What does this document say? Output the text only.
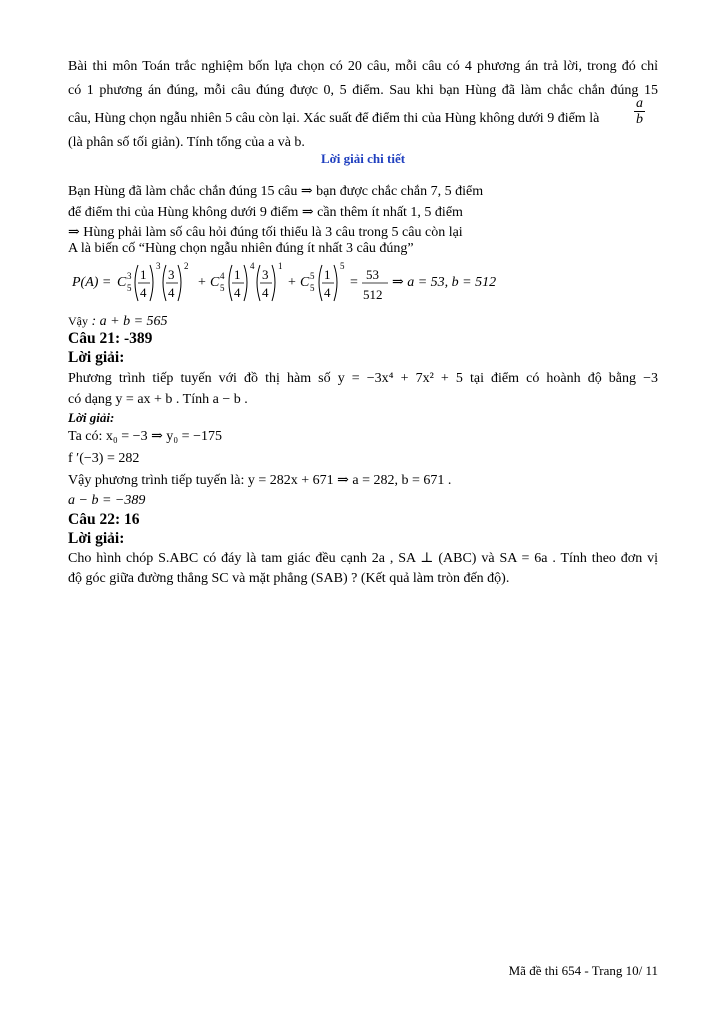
Bài thi môn Toán trắc nghiệm bốn lựa chọn có 20 câu, mỗi câu có 4 phương án trả lời, trong đó chỉ
có 1 phương án đúng, mỗi câu đúng được 0, 5 điểm. Sau khi bạn Hùng đã làm chắc chắn đúng 15
câu, Hùng chọn ngẫu nhiên 5 câu còn lại. Xác suất để điểm thi của Hùng không dưới 9 điểm là $\frac{a}{b}$
(là phân số tối giản). Tính tổng của a và b.
Lời giải chi tiết
Bạn Hùng đã làm chắc chắn đúng 15 câu ⇒ bạn được chắc chắn 7, 5 điểm
để điểm thi của Hùng không dưới 9 điểm ⇒ cần thêm ít nhất 1, 5 điểm
⇒ Hùng phải làm số câu hỏi đúng tối thiểu là 3 câu trong 5 câu còn lại
A là biến cố “Hùng chọn ngẫu nhiên đúng ít nhất 3 câu đúng”
P(A) = C 3
5
1
4
3
3
4
2
+ C 4
5
1
4
4
3
4
1
+ C 5
5
1
4
5
=
53
512
⇒ a = 53, b = 512
Vậy : a + b = 565
Câu 21: -389
Lời giải:
Phương trình tiếp tuyến với đồ thị hàm số y = −3x⁴ + 7x² + 5 tại điểm có hoành độ bằng −3
có dạng y = ax + b . Tính a − b .
Lời giải:
Ta có: x₀ = −3 ⇒ y₀ = −175
f ′(−3) = 282
Vậy phương trình tiếp tuyến là: y = 282x + 671 ⇒ a = 282, b = 671 .
a − b = −389
Câu 22: 16
Lời giải:
Cho hình chóp S.ABC có đáy là tam giác đều cạnh 2a , SA ⊥ (ABC) và SA = 6a . Tính theo đơn vị
độ góc giữa đường thẳng SC và mặt phẳng (SAB) ? (Kết quả làm tròn đến độ).
Mã đề thi 654 - Trang 10/ 11
